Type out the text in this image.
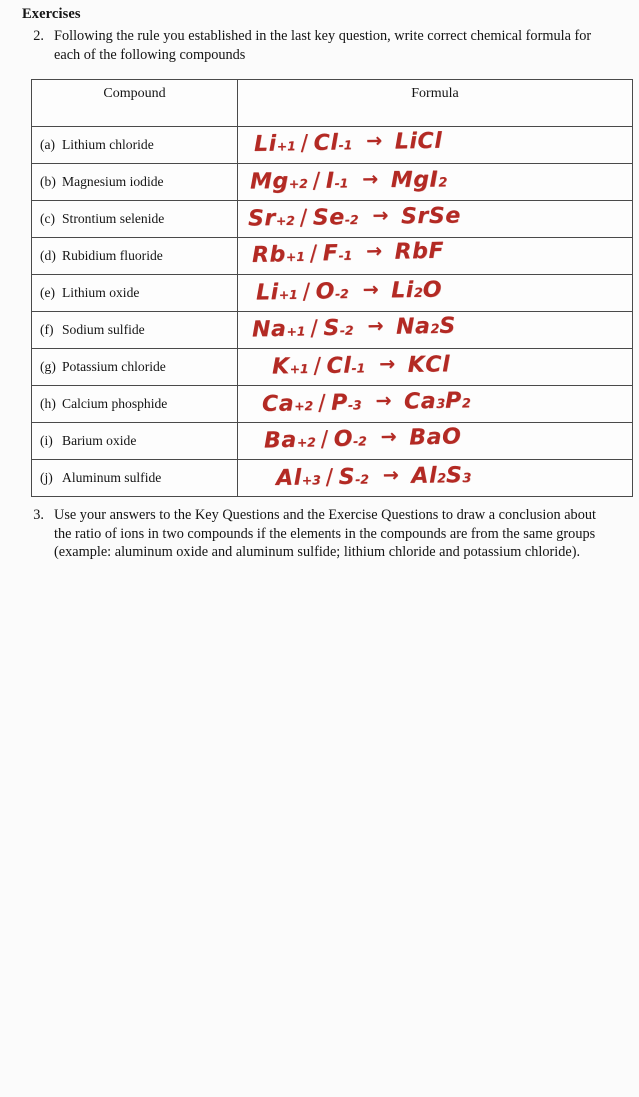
Exercises
2. Following the rule you established in the last key question, write correct chemical formula for each of the following compounds
Compound	Formula
(a) Lithium chloride	Li +1 / Cl -1 → Li Cl

(b) Magnesium iodide	Mg +2 / I -1 → Mg I 2

(c) Strontium selenide	Sr +2 / Se -2 → Sr Se

(d) Rubidium fluoride	Rb +1 / F -1 → Rb F

(e) Lithium oxide	Li +1 / O -2 → Li 2 O

(f) Sodium sulfide	Na +1 / S -2 → Na 2 S

(g) Potassium chloride	K +1 / Cl -1 → K Cl

(h) Calcium phosphide	Ca +2 / P -3 → Ca 3 P 2

(i) Barium oxide	Ba +2 / O -2 → Ba O

(j) Aluminum sulfide	Al +3 / S -2 → Al 2 S 3
3. Use your answers to the Key Questions and the Exercise Questions to draw a conclusion about the ratio of ions in two compounds if the elements in the compounds are from the same groups (example: aluminum oxide and aluminum sulfide; lithium chloride and potassium chloride).
